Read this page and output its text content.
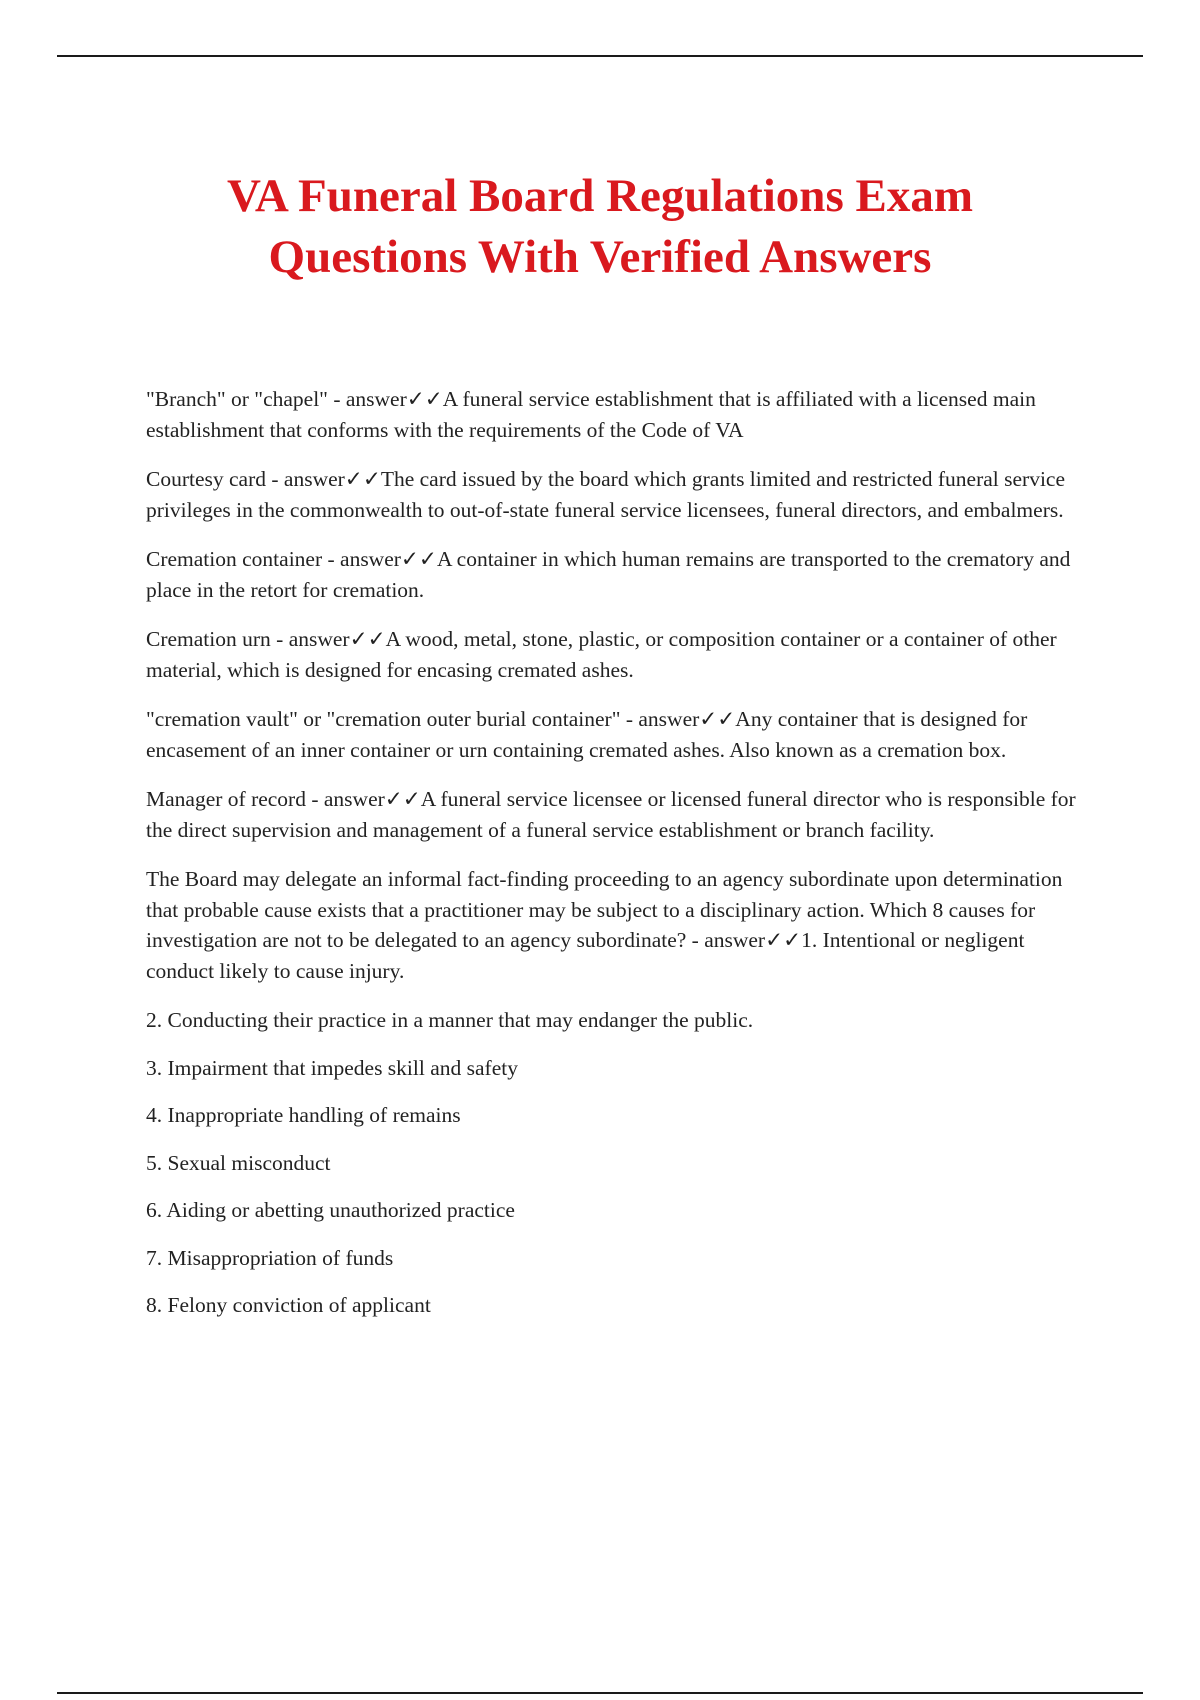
VA Funeral Board Regulations Exam
Questions With Verified Answers

"Branch" or "chapel" - answer✓✓A funeral service establishment that is affiliated with a licensed main establishment that conforms with the requirements of the Code of VA

Courtesy card - answer✓✓The card issued by the board which grants limited and restricted funeral service privileges in the commonwealth to out-of-state funeral service licensees, funeral directors, and embalmers.

Cremation container - answer✓✓A container in which human remains are transported to the crematory and place in the retort for cremation.

Cremation urn - answer✓✓A wood, metal, stone, plastic, or composition container or a container of other material, which is designed for encasing cremated ashes.

"cremation vault" or "cremation outer burial container" - answer✓✓Any container that is designed for encasement of an inner container or urn containing cremated ashes. Also known as a cremation box.

Manager of record - answer✓✓A funeral service licensee or licensed funeral director who is responsible for the direct supervision and management of a funeral service establishment or branch facility.

The Board may delegate an informal fact-finding proceeding to an agency subordinate upon determination that probable cause exists that a practitioner may be subject to a disciplinary action. Which 8 causes for investigation are not to be delegated to an agency subordinate? - answer✓✓1. Intentional or negligent conduct likely to cause injury.

2. Conducting their practice in a manner that may endanger the public.

3. Impairment that impedes skill and safety

4. Inappropriate handling of remains

5. Sexual misconduct

6. Aiding or abetting unauthorized practice

7. Misappropriation of funds

8. Felony conviction of applicant
